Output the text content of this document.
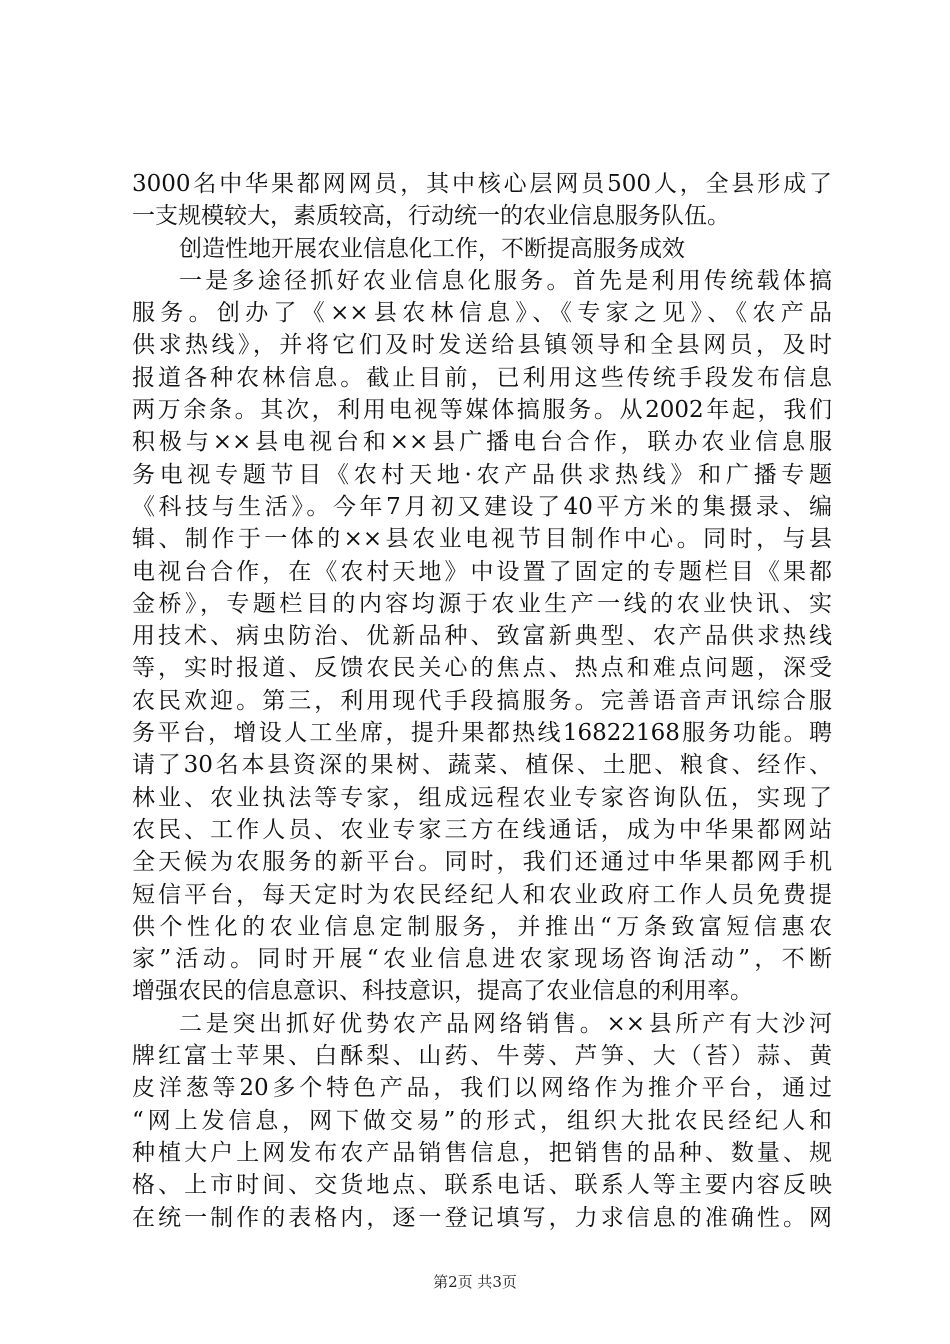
3000名中华果都网网员，其中核心层网员500人，全县形成了
一支规模较大，素质较高，行动统一的农业信息服务队伍。
创造性地开展农业信息化工作，不断提高服务成效
一是多途径抓好农业信息化服务。首先是利用传统载体搞
服务。创办了《××县农林信息》、《专家之见》、《农产品
供求热线》，并将它们及时发送给县镇领导和全县网员，及时
报道各种农林信息。截止目前，已利用这些传统手段发布信息
两万余条。其次，利用电视等媒体搞服务。从2002年起，我们
积极与××县电视台和××县广播电台合作，联办农业信息服
务电视专题节目《农村天地·农产品供求热线》和广播专题
《科技与生活》。今年7月初又建设了40平方米的集摄录、编
辑、制作于一体的××县农业电视节目制作中心。同时，与县
电视台合作，在《农村天地》中设置了固定的专题栏目《果都
金桥》，专题栏目的内容均源于农业生产一线的农业快讯、实
用技术、病虫防治、优新品种、致富新典型、农产品供求热线
等，实时报道、反馈农民关心的焦点、热点和难点问题，深受
农民欢迎。第三，利用现代手段搞服务。完善语音声讯综合服
务平台，增设人工坐席，提升果都热线16822168服务功能。聘
请了30名本县资深的果树、蔬菜、植保、土肥、粮食、经作、
林业、农业执法等专家，组成远程农业专家咨询队伍，实现了
农民、工作人员、农业专家三方在线通话，成为中华果都网站
全天候为农服务的新平台。同时，我们还通过中华果都网手机
短信平台，每天定时为农民经纪人和农业政府工作人员免费提
供个性化的农业信息定制服务，并推出“万条致富短信惠农
家”活动。同时开展“农业信息进农家现场咨询活动”，不断
增强农民的信息意识、科技意识，提高了农业信息的利用率。
二是突出抓好优势农产品网络销售。××县所产有大沙河
牌红富士苹果、白酥梨、山药、牛蒡、芦笋、大（苔）蒜、黄
皮洋葱等20多个特色产品，我们以网络作为推介平台，通过
“网上发信息，网下做交易”的形式，组织大批农民经纪人和
种植大户上网发布农产品销售信息，把销售的品种、数量、规
格、上市时间、交货地点、联系电话、联系人等主要内容反映
在统一制作的表格内，逐一登记填写，力求信息的准确性。网
第2页 共3页
